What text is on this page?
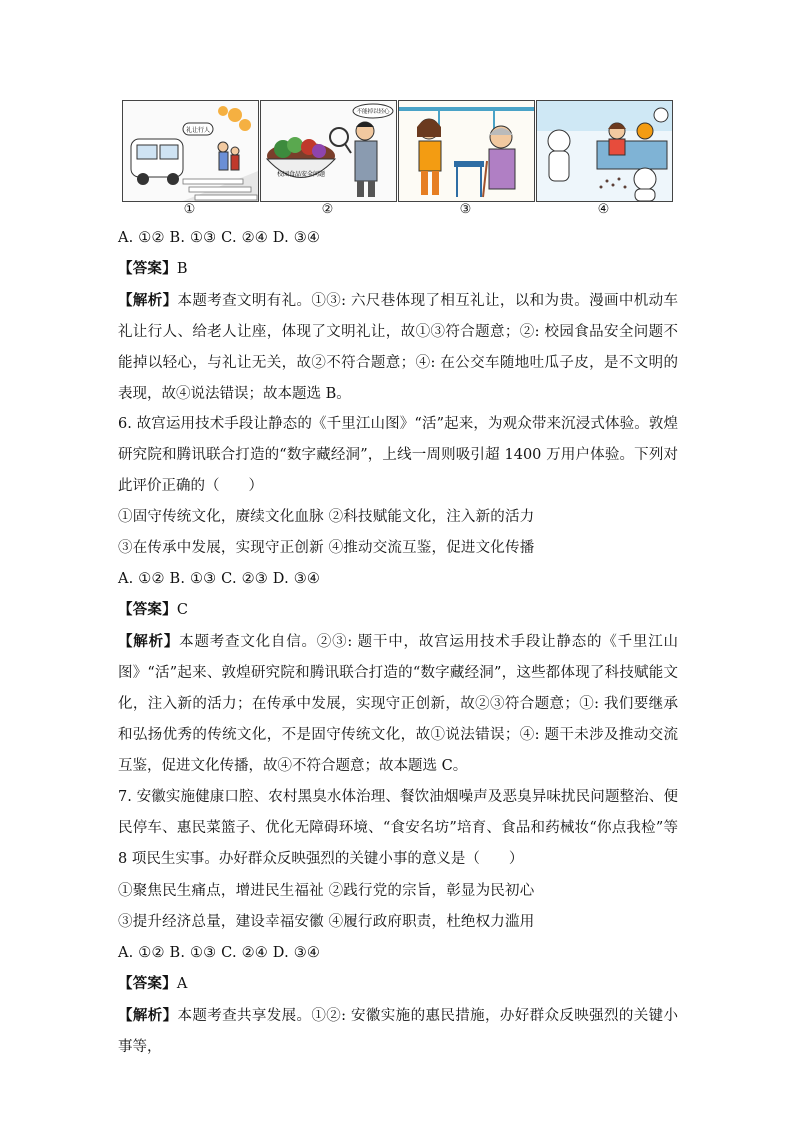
礼让行人
①
校园食品安全问题
不能掉以轻心
②	③	④
A. ①② B. ①③ C. ②④ D. ③④
【答案】B
【解析】本题考查文明有礼。①③: 六尺巷体现了相互礼让，以和为贵。漫画中机动车礼让行人、给老人让座，体现了文明礼让，故①③符合题意；②: 校园食品安全问题不能掉以轻心，与礼让无关，故②不符合题意；④: 在公交车随地吐瓜子皮，是不文明的表现，故④说法错误；故本题选 B。
6. 故宫运用技术手段让静态的《千里江山图》“活”起来，为观众带来沉浸式体验。敦煌研究院和腾讯联合打造的“数字藏经洞”，上线一周则吸引超 1400 万用户体验。下列对此评价正确的（　　）
①固守传统文化，赓续文化血脉 ②科技赋能文化，注入新的活力
③在传承中发展，实现守正创新 ④推动交流互鉴，促进文化传播
A. ①② B. ①③ C. ②③ D. ③④
【答案】C
【解析】本题考查文化自信。②③: 题干中，故宫运用技术手段让静态的《千里江山图》“活”起来、敦煌研究院和腾讯联合打造的“数字藏经洞”，这些都体现了科技赋能文化，注入新的活力；在传承中发展，实现守正创新，故②③符合题意；①: 我们要继承和弘扬优秀的传统文化，不是固守传统文化，故①说法错误；④: 题干未涉及推动交流互鉴，促进文化传播，故④不符合题意；故本题选 C。
7. 安徽实施健康口腔、农村黑臭水体治理、餐饮油烟噪声及恶臭异味扰民问题整治、便民停车、惠民菜篮子、优化无障碍环境、“食安名坊”培育、食品和药械妆“你点我检”等 8 项民生实事。办好群众反映强烈的关键小事的意义是（　　）
①聚焦民生痛点，增进民生福祉 ②践行党的宗旨，彰显为民初心
③提升经济总量，建设幸福安徽 ④履行政府职责，杜绝权力滥用
A. ①② B. ①③ C. ②④ D. ③④
【答案】A
【解析】本题考查共享发展。①②: 安徽实施的惠民措施，办好群众反映强烈的关键小事等，
